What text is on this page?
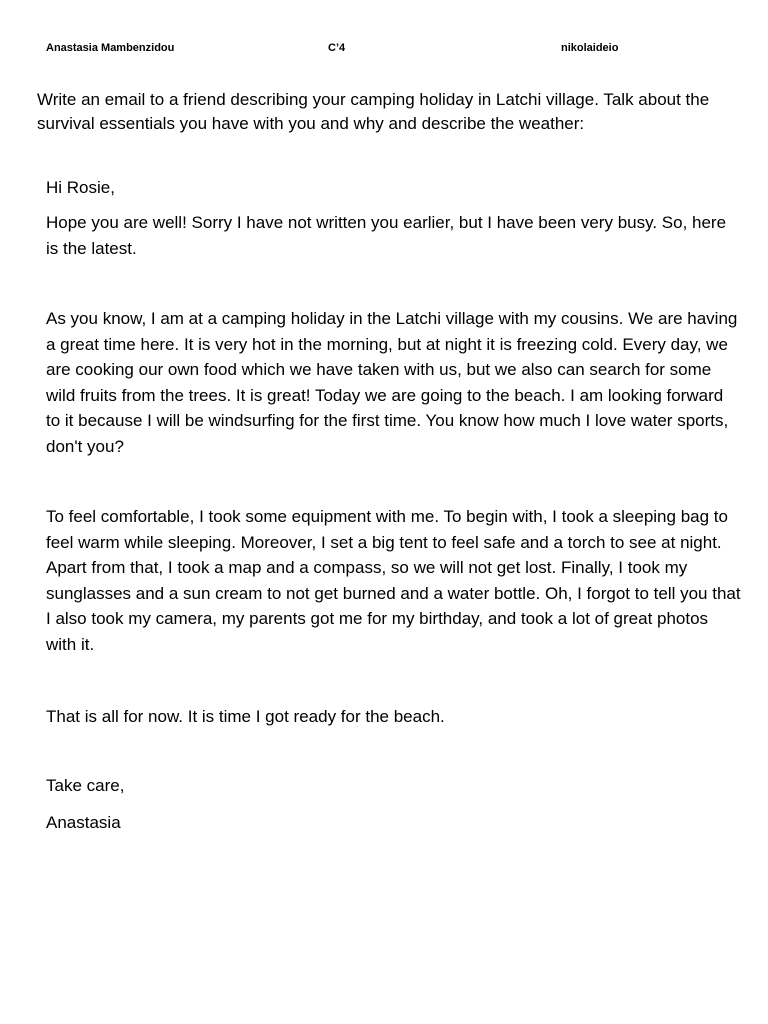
Anastasia Mambenzidou	C’4	nikolaideio

Write an email to a friend describing your camping holiday in Latchi village. Talk about the survival essentials you have with you and why and describe the weather:

Hi Rosie,

Hope you are well! Sorry I have not written you earlier, but I have been very busy. So, here is the latest.

As you know, I am at a camping holiday in the Latchi village with my cousins. We are having a great time here. It is very hot in the morning, but at night it is freezing cold. Every day, we are cooking our own food which we have taken with us, but we also can search for some wild fruits from the trees. It is great! Today we are going to the beach. I am looking forward to it because I will be windsurfing for the first time. You know how much I love water sports, don't you?

To feel comfortable, I took some equipment with me. To begin with, I took a sleeping bag to feel warm while sleeping. Moreover, I set a big tent to feel safe and a torch to see at night. Apart from that, I took a map and a compass, so we will not get lost. Finally, I took my sunglasses and a sun cream to not get burned and a water bottle. Oh, I forgot to tell you that I also took my camera, my parents got me for my birthday, and took a lot of great photos with it.

That is all for now. It is time I got ready for the beach.

Take care,

Anastasia
